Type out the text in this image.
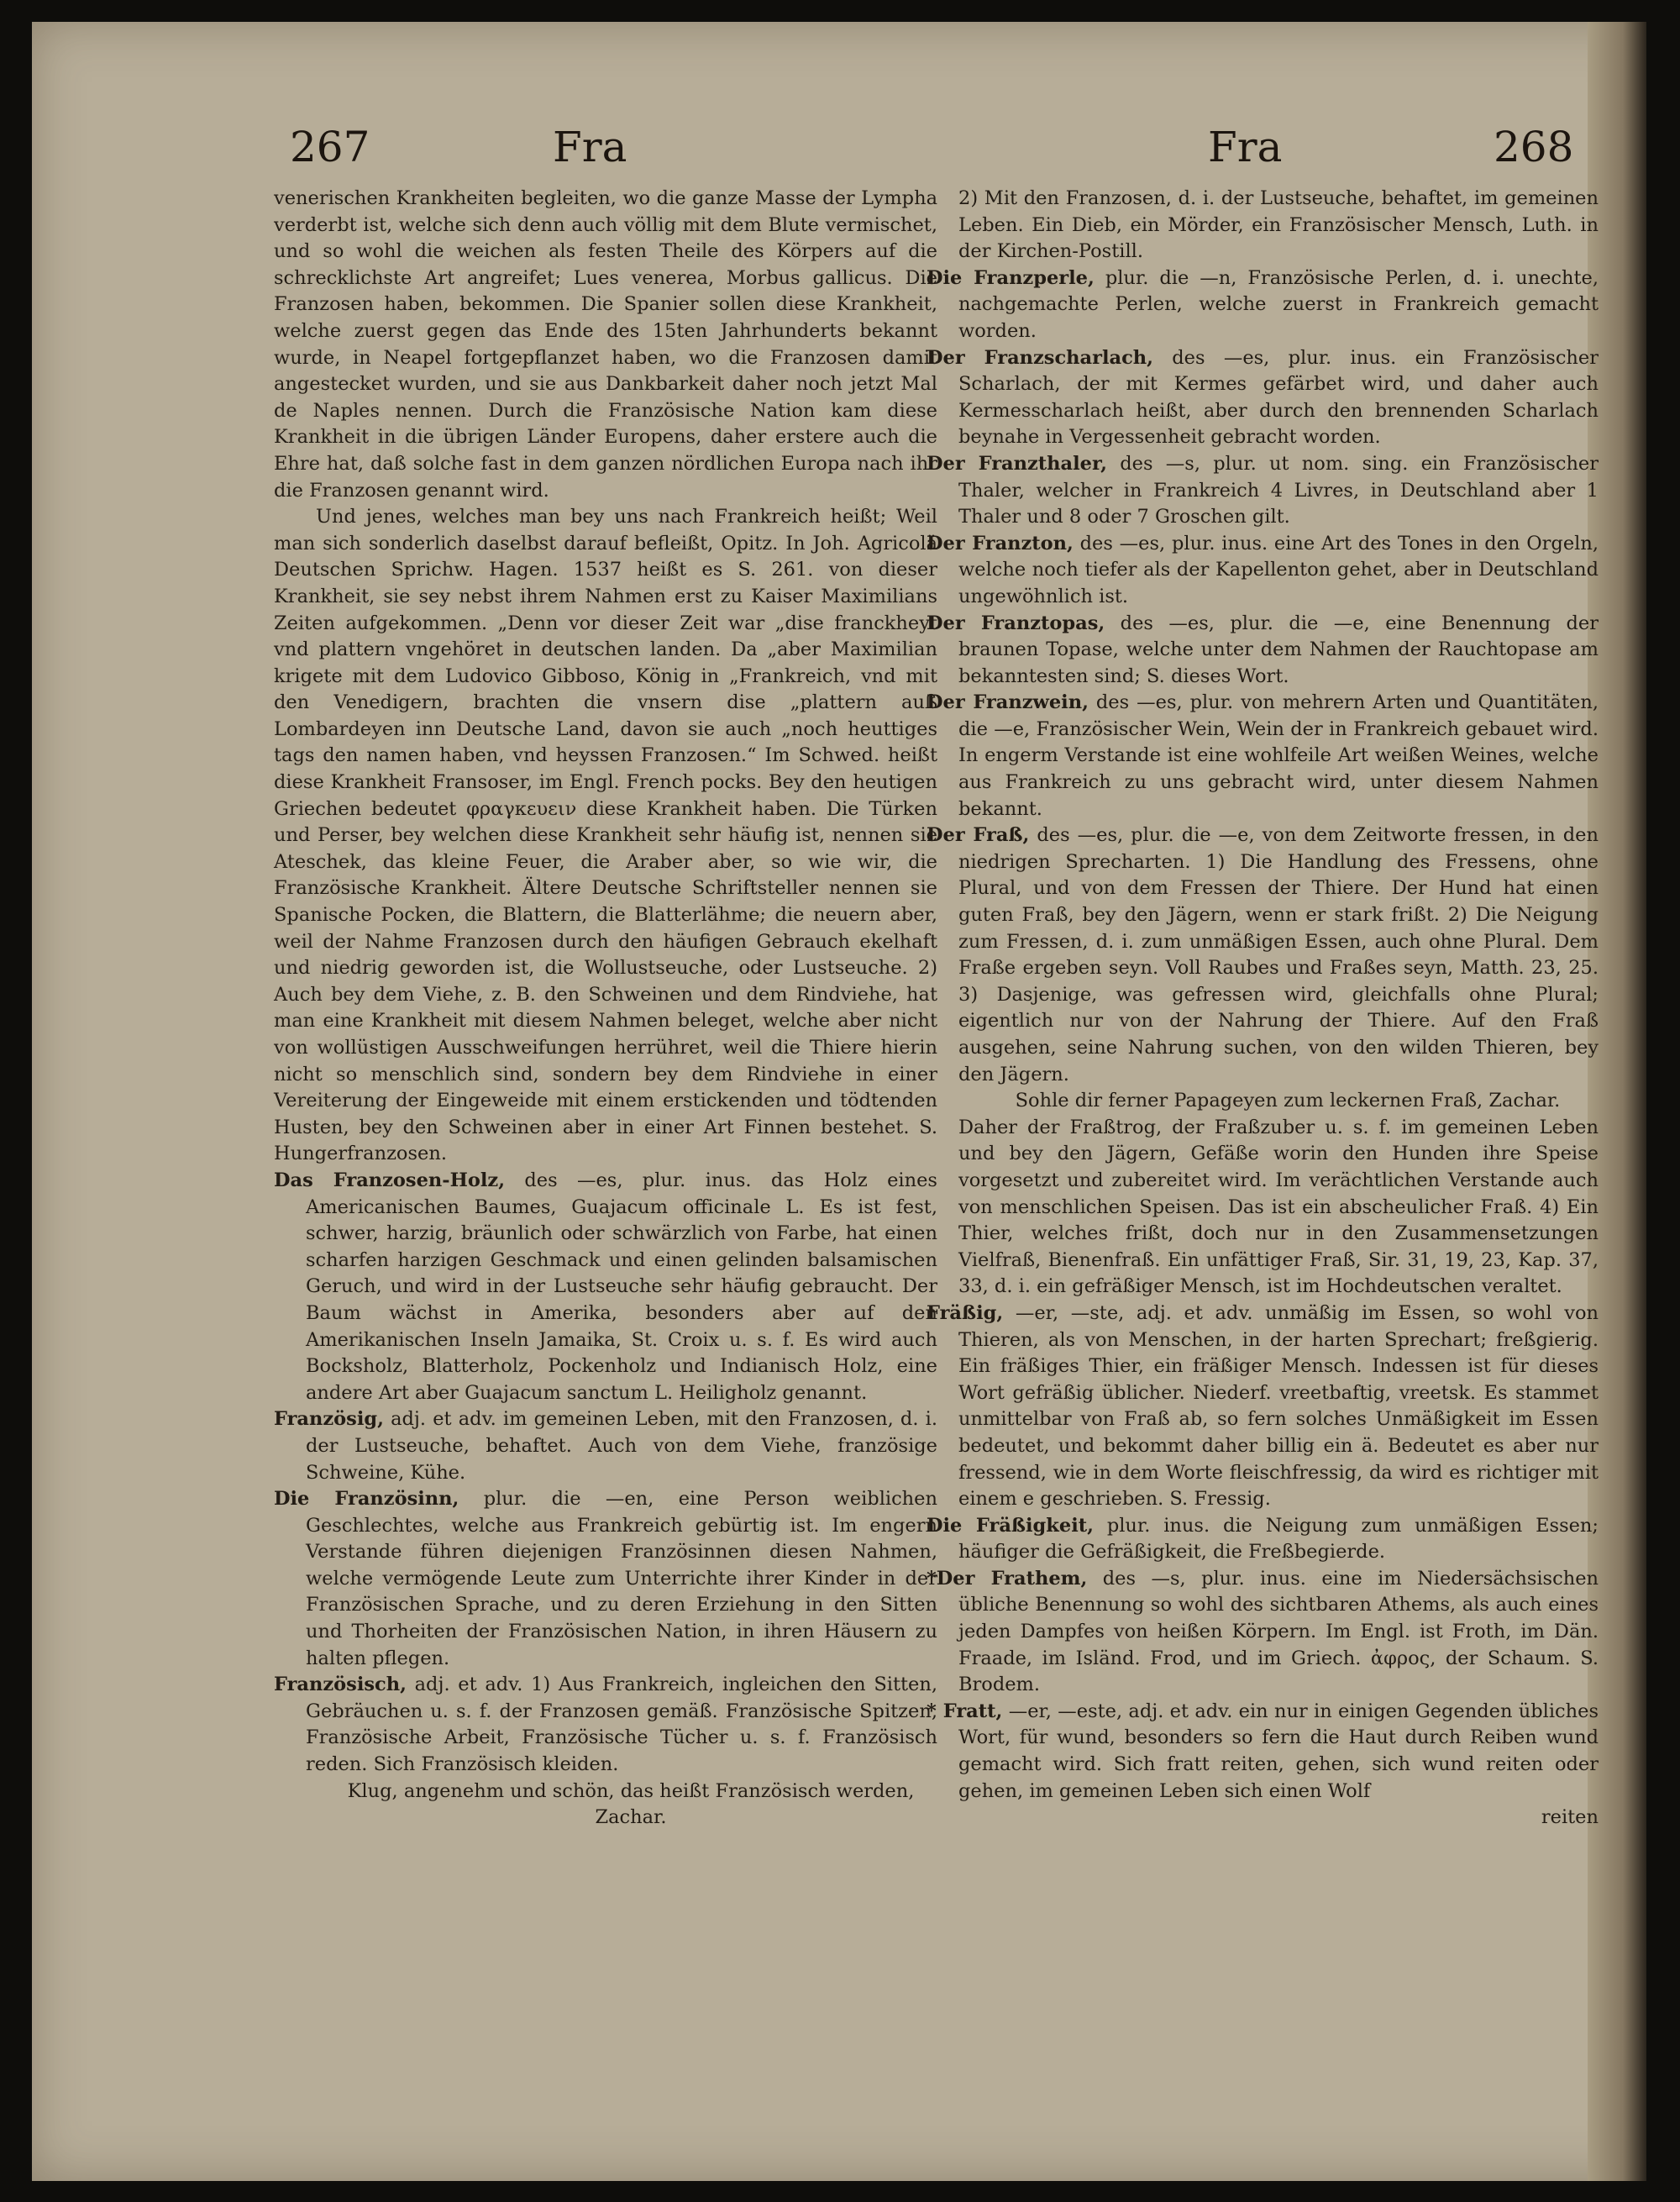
267	Fra	Fra	268

venerischen Krankheiten begleiten, wo die ganze Masse der Lympha verderbt ist, welche sich denn auch völlig mit dem Blute vermischet, und so wohl die weichen als festen Theile des Körpers auf die schrecklichste Art angreifet; Lues venerea, Morbus gallicus. Die Franzosen haben, bekommen. Die Spanier sollen diese Krankheit, welche zuerst gegen das Ende des 15ten Jahrhunderts bekannt wurde, in Neapel fortgepflanzet haben, wo die Franzosen damit angestecket wurden, und sie aus Dankbarkeit daher noch jetzt Mal de Naples nennen. Durch die Französische Nation kam diese Krankheit in die übrigen Länder Europens, daher erstere auch die Ehre hat, daß solche fast in dem ganzen nördlichen Europa nach ihr die Franzosen genannt wird.

Und jenes, welches man bey uns nach Frankreich heißt; Weil man sich sonderlich daselbst darauf befleißt, Opitz. In Joh. Agricolä Deutschen Sprichw. Hagen. 1537 heißt es S. 261. von dieser Krankheit, sie sey nebst ihrem Nahmen erst zu Kaiser Maximilians Zeiten aufgekommen. „Denn vor dieser Zeit war „dise franckheyt vnd plattern vngehöret in deutschen landen. Da „aber Maximilian krigete mit dem Ludovico Gibboso, König in „Frankreich, vnd mit den Venedigern, brachten die vnsern dise „plattern auß Lombardeyen inn Deutsche Land, davon sie auch „noch heuttiges tags den namen haben, vnd heyssen Franzosen.“ Im Schwed. heißt diese Krankheit Fransoser, im Engl. French pocks. Bey den heutigen Griechen bedeutet φραγκευειν diese Krankheit haben. Die Türken und Perser, bey welchen diese Krankheit sehr häufig ist, nennen sie Ateschek, das kleine Feuer, die Araber aber, so wie wir, die Französische Krankheit. Ältere Deutsche Schriftsteller nennen sie Spanische Pocken, die Blattern, die Blatterlähme; die neuern aber, weil der Nahme Franzosen durch den häufigen Gebrauch ekelhaft und niedrig geworden ist, die Wollustseuche, oder Lustseuche. 2) Auch bey dem Viehe, z. B. den Schweinen und dem Rindviehe, hat man eine Krankheit mit diesem Nahmen beleget, welche aber nicht von wollüstigen Ausschweifungen herrühret, weil die Thiere hierin nicht so menschlich sind, sondern bey dem Rindviehe in einer Vereiterung der Eingeweide mit einem erstickenden und tödtenden Husten, bey den Schweinen aber in einer Art Finnen bestehet. S. Hungerfranzosen.

Das Franzosen-Holz, des —es, plur. inus. das Holz eines Americanischen Baumes, Guajacum officinale L. Es ist fest, schwer, harzig, bräunlich oder schwärzlich von Farbe, hat einen scharfen harzigen Geschmack und einen gelinden balsamischen Geruch, und wird in der Lustseuche sehr häufig gebraucht. Der Baum wächst in Amerika, besonders aber auf den Amerikanischen Inseln Jamaika, St. Croix u. s. f. Es wird auch Bocksholz, Blatterholz, Pockenholz und Indianisch Holz, eine andere Art aber Guajacum sanctum L. Heiligholz genannt.

Französig, adj. et adv. im gemeinen Leben, mit den Franzosen, d. i. der Lustseuche, behaftet. Auch von dem Viehe, französige Schweine, Kühe.

Die Französinn, plur. die —en, eine Person weiblichen Geschlechtes, welche aus Frankreich gebürtig ist. Im engern Verstande führen diejenigen Französinnen diesen Nahmen, welche vermögende Leute zum Unterrichte ihrer Kinder in der Französischen Sprache, und zu deren Erziehung in den Sitten und Thorheiten der Französischen Nation, in ihren Häusern zu halten pflegen.

Französisch, adj. et adv. 1) Aus Frankreich, ingleichen den Sitten, Gebräuchen u. s. f. der Franzosen gemäß. Französische Spitzen, Französische Arbeit, Französische Tücher u. s. f. Französisch reden. Sich Französisch kleiden.

Klug, angenehm und schön, das heißt Französisch werden, Zachar.

2) Mit den Franzosen, d. i. der Lustseuche, behaftet, im gemeinen Leben. Ein Dieb, ein Mörder, ein Französischer Mensch, Luth. in der Kirchen-Postill.

Die Franzperle, plur. die —n, Französische Perlen, d. i. unechte, nachgemachte Perlen, welche zuerst in Frankreich gemacht worden.

Der Franzscharlach, des —es, plur. inus. ein Französischer Scharlach, der mit Kermes gefärbet wird, und daher auch Kermesscharlach heißt, aber durch den brennenden Scharlach beynahe in Vergessenheit gebracht worden.

Der Franzthaler, des —s, plur. ut nom. sing. ein Französischer Thaler, welcher in Frankreich 4 Livres, in Deutschland aber 1 Thaler und 8 oder 7 Groschen gilt.

Der Franzton, des —es, plur. inus. eine Art des Tones in den Orgeln, welche noch tiefer als der Kapellenton gehet, aber in Deutschland ungewöhnlich ist.

Der Franztopas, des —es, plur. die —e, eine Benennung der braunen Topase, welche unter dem Nahmen der Rauchtopase am bekanntesten sind; S. dieses Wort.

Der Franzwein, des —es, plur. von mehrern Arten und Quantitäten, die —e, Französischer Wein, Wein der in Frankreich gebauet wird. In engerm Verstande ist eine wohlfeile Art weißen Weines, welche aus Frankreich zu uns gebracht wird, unter diesem Nahmen bekannt.

Der Fraß, des —es, plur. die —e, von dem Zeitworte fressen, in den niedrigen Sprecharten. 1) Die Handlung des Fressens, ohne Plural, und von dem Fressen der Thiere. Der Hund hat einen guten Fraß, bey den Jägern, wenn er stark frißt. 2) Die Neigung zum Fressen, d. i. zum unmäßigen Essen, auch ohne Plural. Dem Fraße ergeben seyn. Voll Raubes und Fraßes seyn, Matth. 23, 25. 3) Dasjenige, was gefressen wird, gleichfalls ohne Plural; eigentlich nur von der Nahrung der Thiere. Auf den Fraß ausgehen, seine Nahrung suchen, von den wilden Thieren, bey den Jägern.

Sohle dir ferner Papageyen zum leckernen Fraß, Zachar.

Daher der Fraßtrog, der Fraßzuber u. s. f. im gemeinen Leben und bey den Jägern, Gefäße worin den Hunden ihre Speise vorgesetzt und zubereitet wird. Im verächtlichen Verstande auch von menschlichen Speisen. Das ist ein abscheulicher Fraß. 4) Ein Thier, welches frißt, doch nur in den Zusammensetzungen Vielfraß, Bienenfraß. Ein unfättiger Fraß, Sir. 31, 19, 23, Kap. 37, 33, d. i. ein gefräßiger Mensch, ist im Hochdeutschen veraltet.

Fräßig, —er, —ste, adj. et adv. unmäßig im Essen, so wohl von Thieren, als von Menschen, in der harten Sprechart; freßgierig. Ein fräßiges Thier, ein fräßiger Mensch. Indessen ist für dieses Wort gefräßig üblicher. Niederf. vreetbaftig, vreetsk. Es stammet unmittelbar von Fraß ab, so fern solches Unmäßigkeit im Essen bedeutet, und bekommt daher billig ein ä. Bedeutet es aber nur fressend, wie in dem Worte fleischfressig, da wird es richtiger mit einem e geschrieben. S. Fressig.

Die Fräßigkeit, plur. inus. die Neigung zum unmäßigen Essen; häufiger die Gefräßigkeit, die Freßbegierde.

*Der Frathem, des —s, plur. inus. eine im Niedersächsischen übliche Benennung so wohl des sichtbaren Athems, als auch eines jeden Dampfes von heißen Körpern. Im Engl. ist Froth, im Dän. Fraade, im Isländ. Frod, und im Griech. ἀφρος, der Schaum. S. Brodem.

* Fratt, —er, —este, adj. et adv. ein nur in einigen Gegenden übliches Wort, für wund, besonders so fern die Haut durch Reiben wund gemacht wird. Sich fratt reiten, gehen, sich wund reiten oder gehen, im gemeinen Leben sich einen Wolf

reiten
